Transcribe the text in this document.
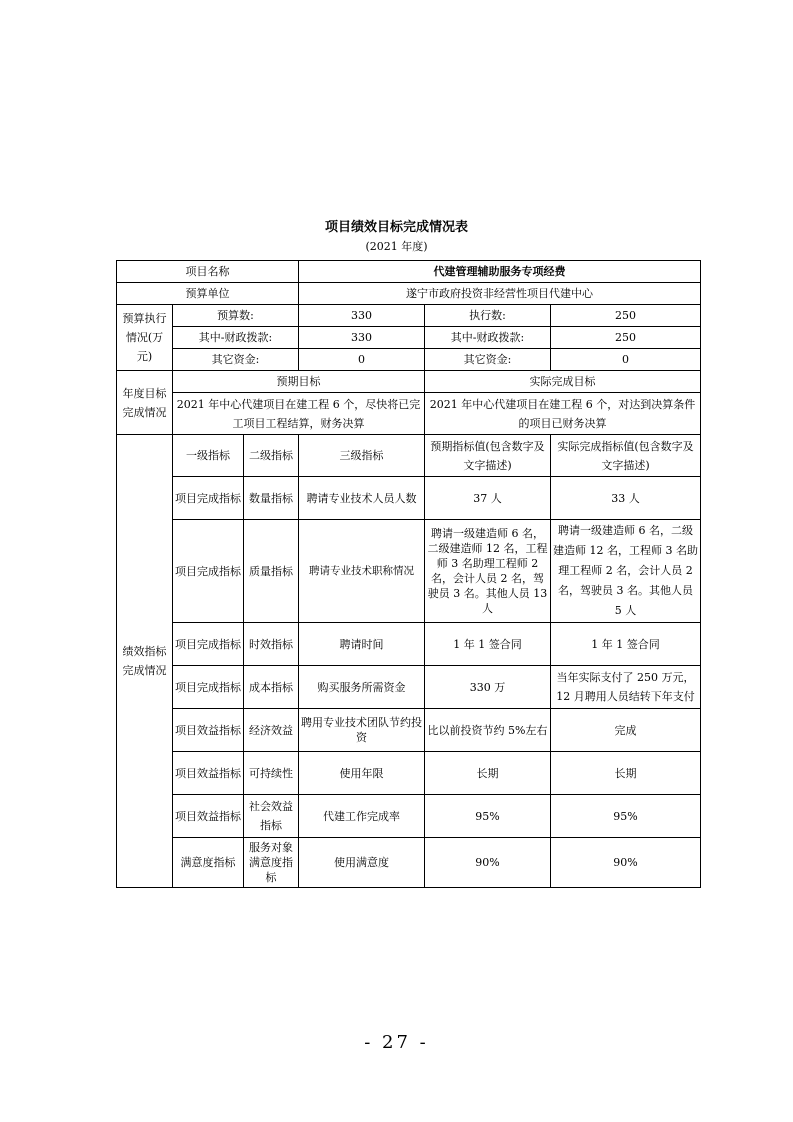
项目绩效目标完成情况表
(2021 年度)
项目名称			代建管理辅助服务专项经费		
预算单位			遂宁市政府投资非经营性项目代建中心		
预算执行情况(万元)	预算数:		330	执行数:	250
	其中-财政拨款:		330	其中-财政拨款:	250
	其它资金:		0	其它资金:	0
年度目标完成情况	预期目标			实际完成目标	
	2021 年中心代建项目在建工程 6 个，尽快将已完工项目工程结算，财务决算			2021 年中心代建项目在建工程 6 个，对达到决算条件的项目已财务决算	
绩效指标完成情况	一级指标	二级指标	三级指标	预期指标值(包含数字及文字描述)	实际完成指标值(包含数字及文字描述)
	项目完成指标	数量指标	聘请专业技术人员人数	37 人	33 人
	项目完成指标	质量指标	聘请专业技术职称情况	聘请一级建造师 6 名，二级建造师 12 名，工程师 3 名助理工程师 2 名，会计人员 2 名，驾驶员 3 名。其他人员 13 人	聘请一级建造师 6 名，二级建造师 12 名，工程师 3 名助理工程师 2 名，会计人员 2 名，驾驶员 3 名。其他人员 5 人
	项目完成指标	时效指标	聘请时间	1 年 1 签合同	1 年 1 签合同
	项目完成指标	成本指标	购买服务所需资金	330 万	当年实际支付了 250 万元，12 月聘用人员结转下年支付
	项目效益指标	经济效益	聘用专业技术团队节约投资	比以前投资节约 5%左右	完成
	项目效益指标	可持续性	使用年限	长期	长期
	项目效益指标	社会效益指标	代建工作完成率	95%	95%
	满意度指标	服务对象满意度指标	使用满意度	90%	90%
- 27 -
